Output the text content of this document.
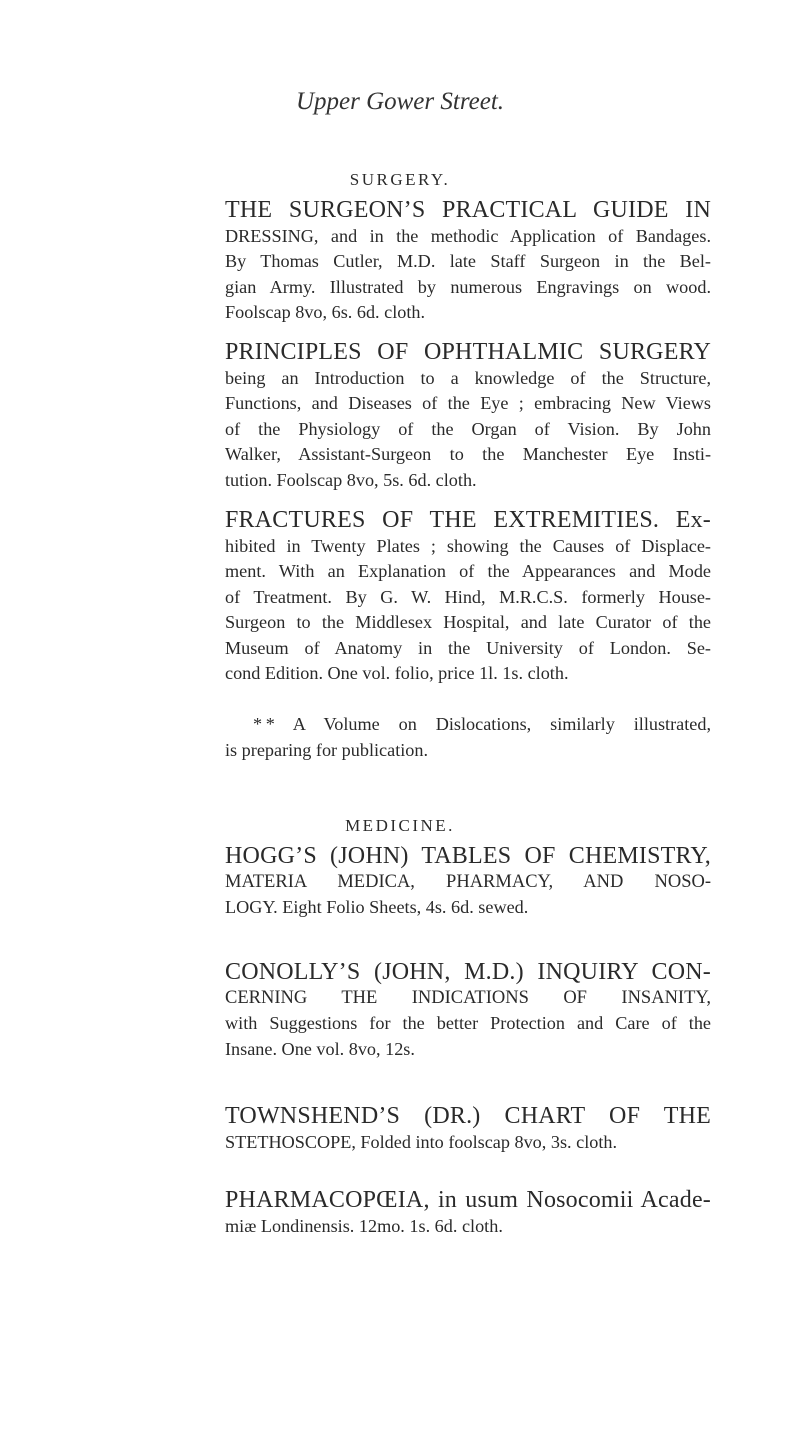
Upper Gower Street.
SURGERY.
THE SURGEON’S PRACTICAL GUIDE IN
DRESSING, and in the methodic Application of Bandages.
By Thomas Cutler, M.D. late Staff Surgeon in the Bel-
gian Army. Illustrated by numerous Engravings on wood.
Foolscap 8vo, 6s. 6d. cloth.
PRINCIPLES OF OPHTHALMIC SURGERY
being an Introduction to a knowledge of the Structure,
Functions, and Diseases of the Eye ; embracing New Views
of the Physiology of the Organ of Vision. By John
Walker, Assistant-Surgeon to the Manchester Eye Insti-
tution. Foolscap 8vo, 5s. 6d. cloth.
FRACTURES OF THE EXTREMITIES. Ex-
hibited in Twenty Plates ; showing the Causes of Displace-
ment. With an Explanation of the Appearances and Mode
of Treatment. By G. W. Hind, M.R.C.S. formerly House-
Surgeon to the Middlesex Hospital, and late Curator of the
Museum of Anatomy in the University of London. Se-
cond Edition. One vol. folio, price 1l. 1s. cloth.
* * A Volume on Dislocations, similarly illustrated,
is preparing for publication.
MEDICINE.
HOGG’S (JOHN) TABLES OF CHEMISTRY,
MATERIA MEDICA, PHARMACY, AND NOSO-
LOGY. Eight Folio Sheets, 4s. 6d. sewed.
CONOLLY’S (JOHN, M.D.) INQUIRY CON-
CERNING THE INDICATIONS OF INSANITY,
with Suggestions for the better Protection and Care of the
Insane. One vol. 8vo, 12s.
TOWNSHEND’S (DR.) CHART OF THE
STETHOSCOPE, Folded into foolscap 8vo, 3s. cloth.
PHARMACOPŒIA, in usum Nosocomii Acade-
miæ Londinensis. 12mo. 1s. 6d. cloth.
